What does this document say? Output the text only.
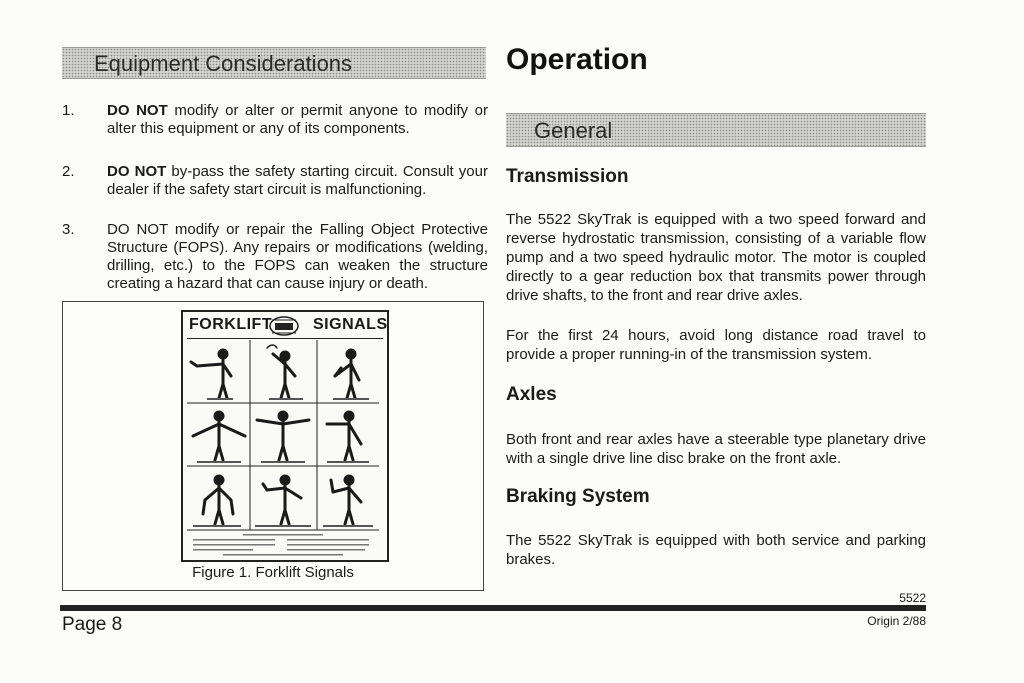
Equipment Considerations
1. DO NOT modify or alter or permit anyone to modify or alter this equipment or any of its components.
2. DO NOT by-pass the safety starting circuit. Consult your dealer if the safety start circuit is malfunctioning.
3. DO NOT modify or repair the Falling Object Protective Structure (FOPS). Any repairs or modifications (welding, drilling, etc.) to the FOPS can weaken the structure creating a hazard that can cause injury or death.
FORKLIFT	SIGNALS
Figure 1. Forklift Signals
Operation
General
Transmission
The 5522 SkyTrak is equipped with a two speed forward and reverse hydrostatic transmission, consisting of a variable flow pump and a two speed hydraulic motor. The motor is coupled directly to a gear reduction box that transmits power through drive shafts, to the front and rear drive axles.
For the first 24 hours, avoid long distance road travel to provide a proper running-in of the transmission system.
Axles
Both front and rear axles have a steerable type planetary drive with a single drive line disc brake on the front axle.
Braking System
The 5522 SkyTrak is equipped with both service and parking brakes.
5522
Page 8	Origin 2/88
